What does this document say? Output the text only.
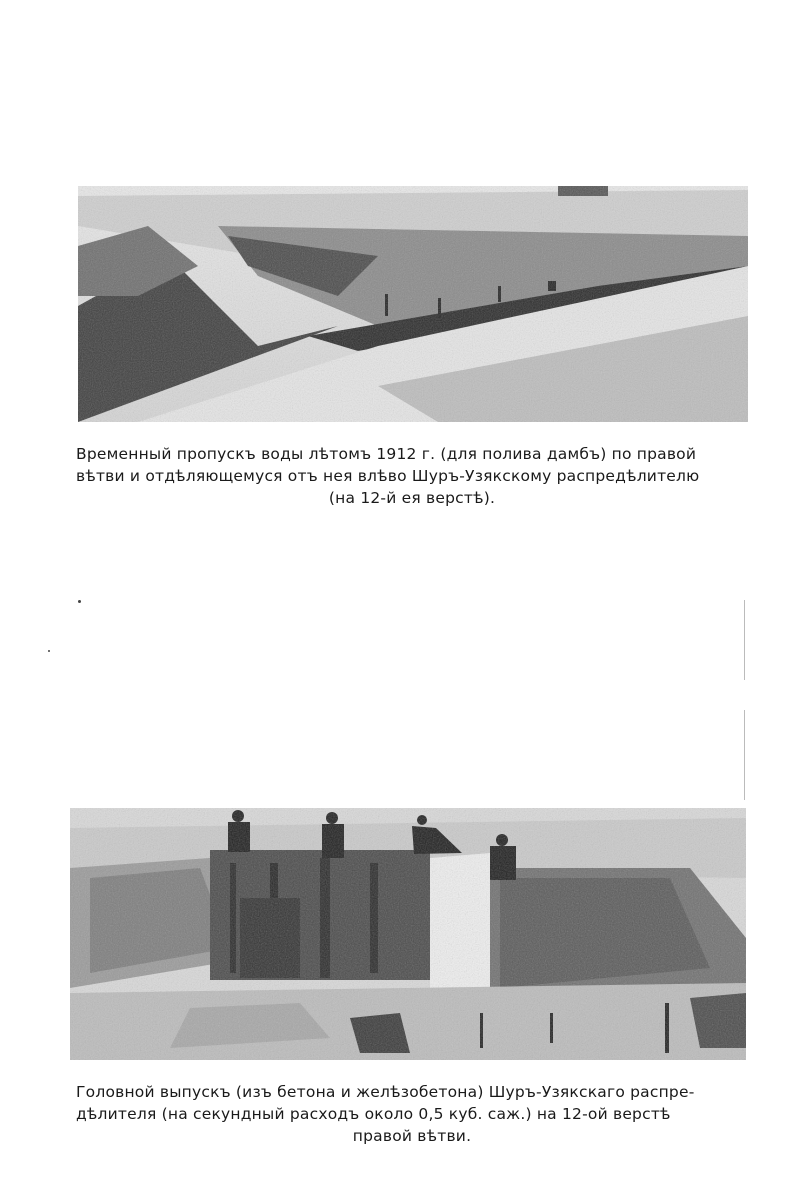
Временный пропускъ воды лѣтомъ 1912 г. (для полива дамбъ) по правой

вѣтви и отдѣляющемуся отъ нея влѣво Шуръ-Узякскому распредѣлителю

(на 12-й ея верстѣ).

Головной выпускъ (изъ бетона и желѣзобетона) Шуръ-Узякскаго распре-

дѣлителя (на секундный расходъ около 0,5 куб. саж.) на 12-ой верстѣ

правой вѣтви.
